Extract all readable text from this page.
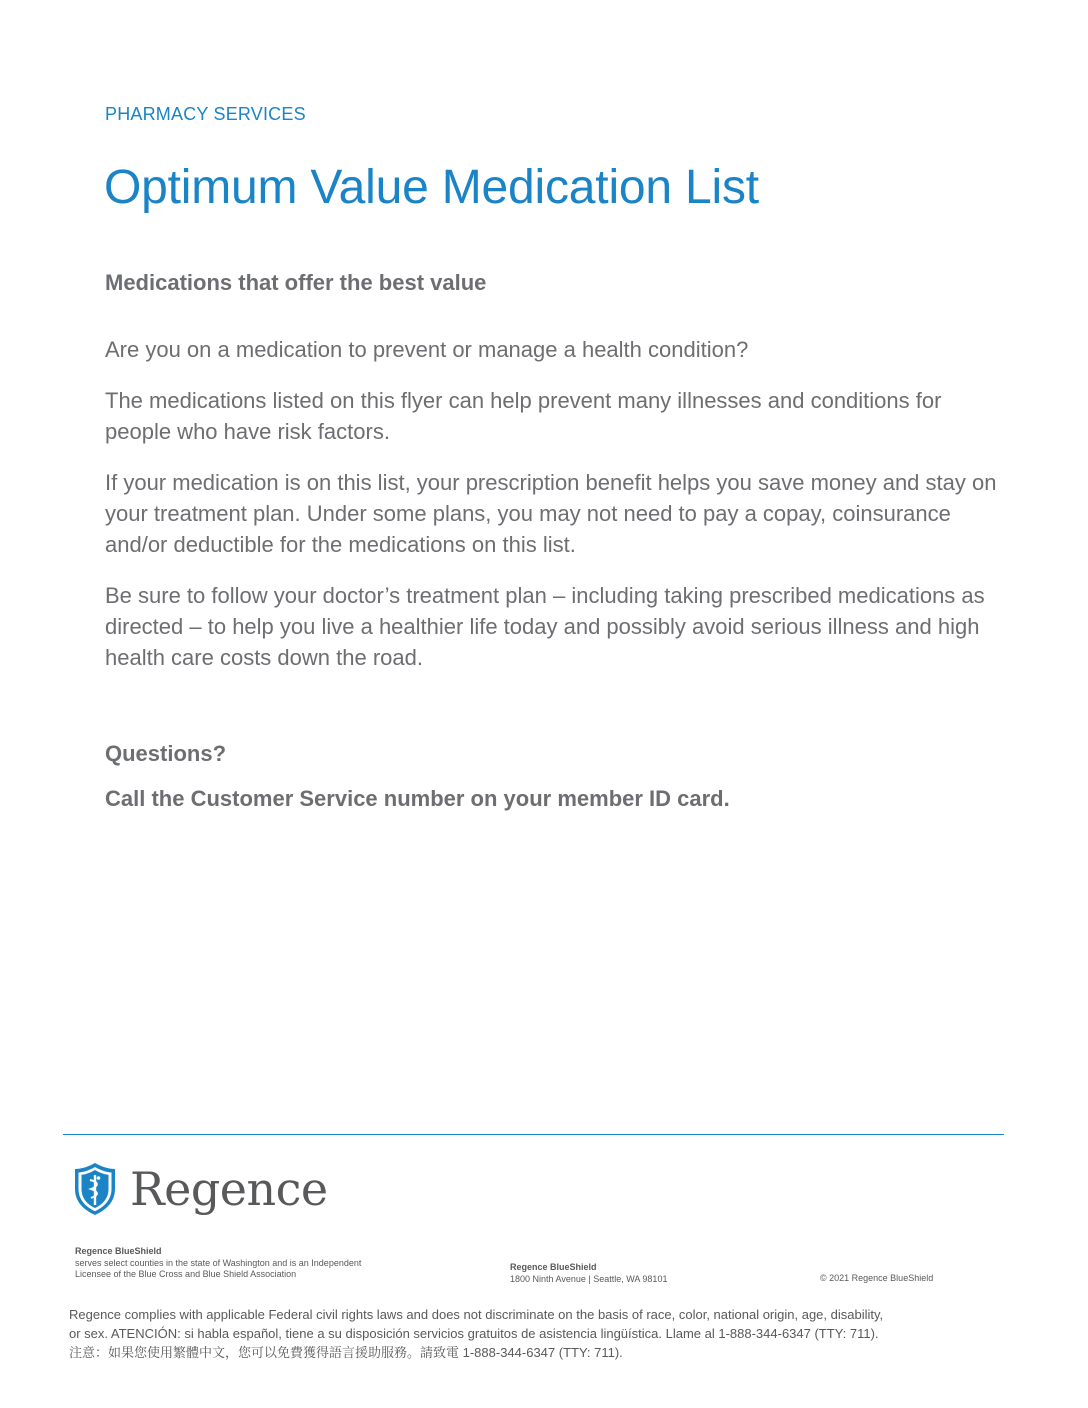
PHARMACY SERVICES
Optimum Value Medication List
Medications that offer the best value

Are you on a medication to prevent or manage a health condition?

The medications listed on this flyer can help prevent many illnesses and conditions for people who have risk factors.

If your medication is on this list, your prescription benefit helps you save money and stay on your treatment plan. Under some plans, you may not need to pay a copay, coinsurance and/or deductible for the medications on this list.

Be sure to follow your doctor’s treatment plan – including taking prescribed medications as directed – to help you live a healthier life today and possibly avoid serious illness and high health care costs down the road.

Questions?
Call the Customer Service number on your member ID card.
Regence
Regence BlueShield
serves select counties in the state of Washington and is an Independent
Licensee of the Blue Cross and Blue Shield Association
Regence BlueShield
1800 Ninth Avenue | Seattle, WA 98101	© 2021 Regence BlueShield
Regence complies with applicable Federal civil rights laws and does not discriminate on the basis of race, color, national origin, age, disability,
or sex. ATENCIÓN: si habla español, tiene a su disposición servicios gratuitos de asistencia lingüística. Llame al 1-888-344-6347 (TTY: 711).
注意：如果您使用繁體中文，您可以免費獲得語言援助服務。請致電 1-888-344-6347 (TTY: 711).
